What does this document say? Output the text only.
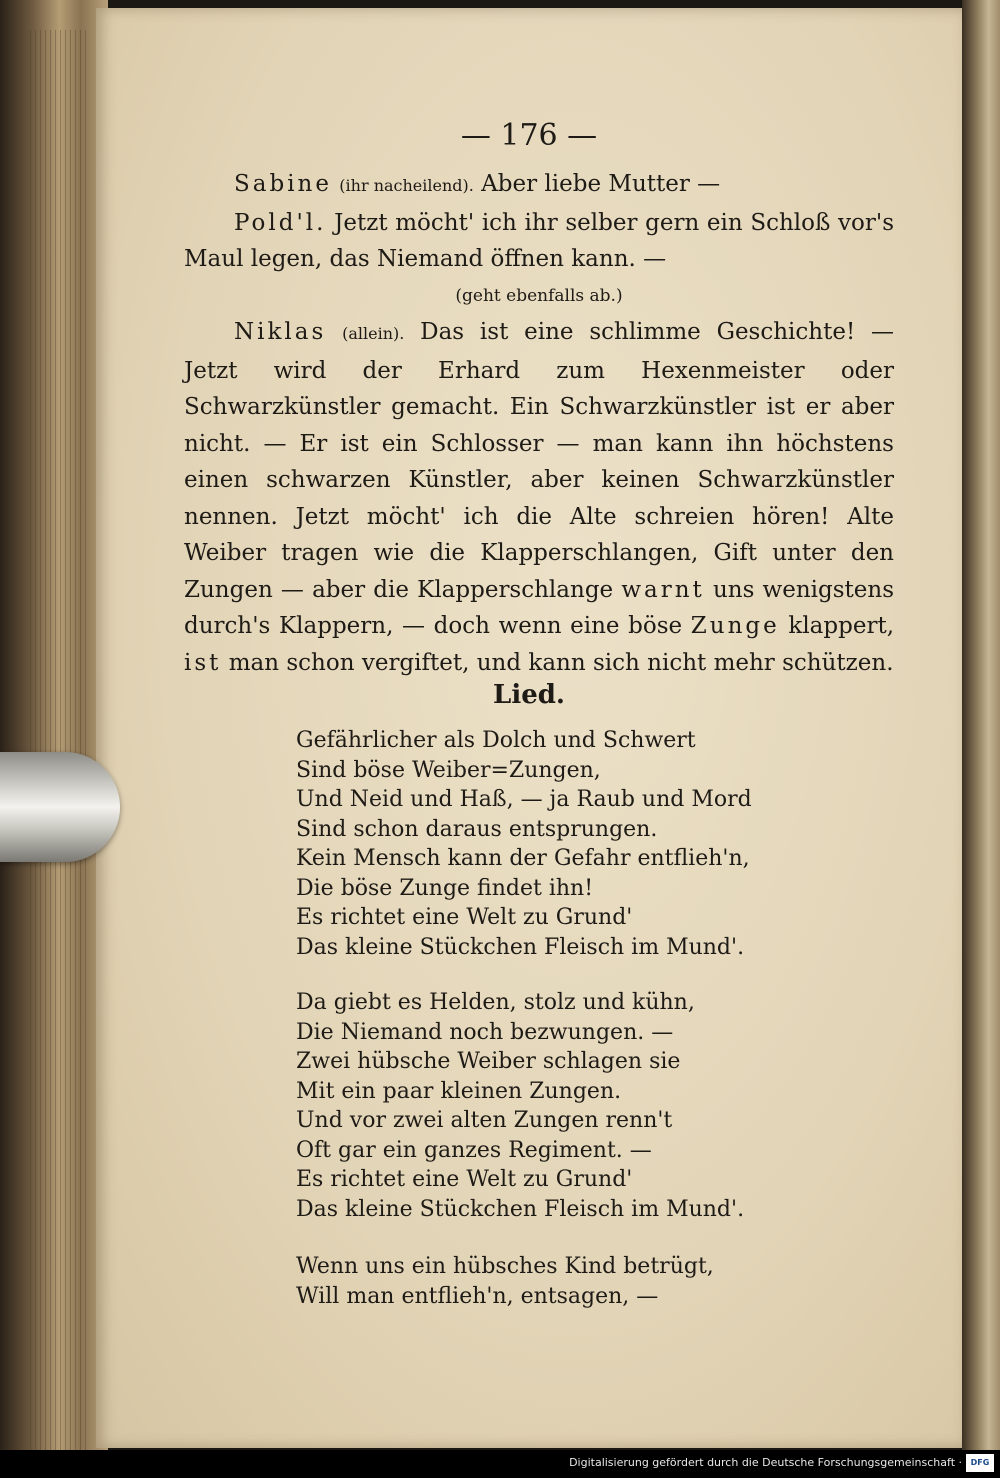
— 176 —

Sabine (ihr nacheilend). Aber liebe Mutter —

Pold'l. Jetzt möcht' ich ihr selber gern ein Schloß vor's Maul legen, das Niemand öffnen kann. —

(geht ebenfalls ab.)

Niklas (allein). Das ist eine schlimme Geschichte! — Jetzt wird der Erhard zum Hexenmeister oder Schwarzkünstler gemacht. Ein Schwarzkünstler ist er aber nicht. — Er ist ein Schlosser — man kann ihn höchstens einen schwarzen Künstler, aber keinen Schwarzkünstler nennen. Jetzt möcht' ich die Alte schreien hören! Alte Weiber tragen wie die Klapperschlangen, Gift unter den Zungen — aber die Klapperschlange warnt uns wenigstens durch's Klappern, — doch wenn eine böse Zunge klappert, ist man schon vergiftet, und kann sich nicht mehr schützen.

Lied.
Gefährlicher als Dolch und Schwert
Sind böse Weiber=Zungen,
Und Neid und Haß, — ja Raub und Mord
Sind schon daraus entsprungen.
Kein Mensch kann der Gefahr entflieh'n,
Die böse Zunge findet ihn!
Es richtet eine Welt zu Grund'
Das kleine Stückchen Fleisch im Mund'.
Da giebt es Helden, stolz und kühn,
Die Niemand noch bezwungen. —
Zwei hübsche Weiber schlagen sie
Mit ein paar kleinen Zungen.
Und vor zwei alten Zungen renn't
Oft gar ein ganzes Regiment. —
Es richtet eine Welt zu Grund'
Das kleine Stückchen Fleisch im Mund'.
Wenn uns ein hübsches Kind betrügt,
Will man entflieh'n, entsagen, —
Digitalisierung gefördert durch die Deutsche Forschungsgemeinschaft ·	DFG
